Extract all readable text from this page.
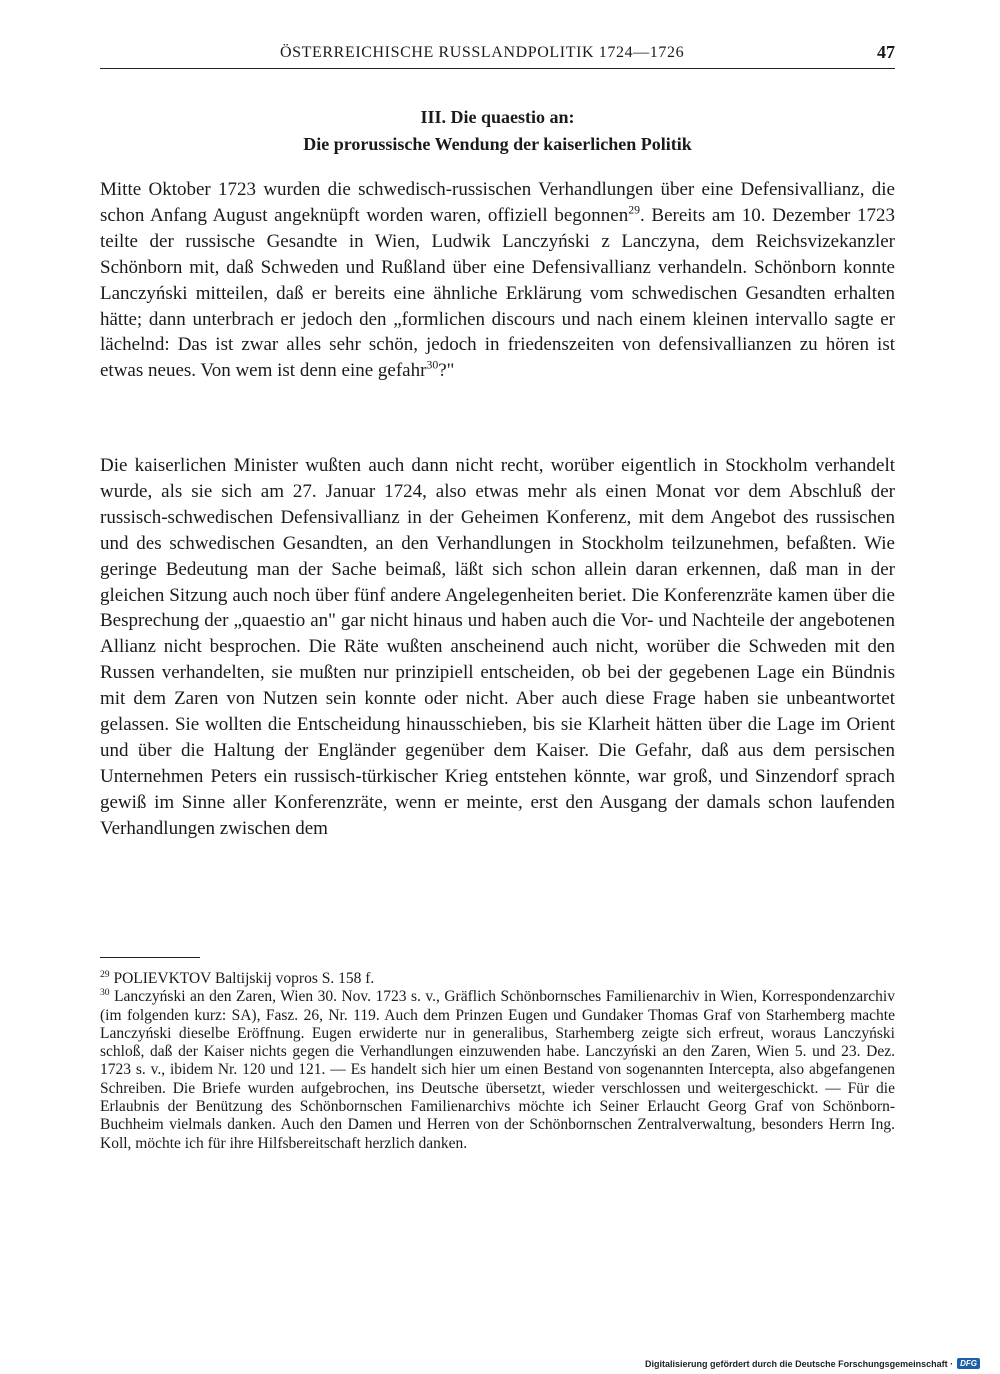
ÖSTERREICHISCHE RUSSLANDPOLITIK 1724—1726	47
III. Die quaestio an:
Die prorussische Wendung der kaiserlichen Politik

Mitte Oktober 1723 wurden die schwedisch-russischen Verhandlungen über eine Defensivallianz, die schon Anfang August angeknüpft worden waren, offiziell begonnen$^{29}$. Bereits am 10. Dezember 1723 teilte der russische Gesandte in Wien, Ludwik Lanczyński z Lanczyna, dem Reichsvizekanzler Schönborn mit, daß Schweden und Rußland über eine Defensivallianz verhandeln. Schönborn konnte Lanczyński mitteilen, daß er bereits eine ähnliche Erklärung vom schwedischen Gesandten erhalten hätte; dann unterbrach er jedoch den „formlichen discours und nach einem kleinen intervallo sagte er lächelnd: Das ist zwar alles sehr schön, jedoch in friedenszeiten von defensivallianzen zu hören ist etwas neues. Von wem ist denn eine gefahr$^{30}$?"

Die kaiserlichen Minister wußten auch dann nicht recht, worüber eigentlich in Stockholm verhandelt wurde, als sie sich am 27. Januar 1724, also etwas mehr als einen Monat vor dem Abschluß der russisch-schwedischen Defensivallianz in der Geheimen Konferenz, mit dem Angebot des russischen und des schwedischen Gesandten, an den Verhandlungen in Stockholm teilzunehmen, befaßten. Wie geringe Bedeutung man der Sache beimaß, läßt sich schon allein daran erkennen, daß man in der gleichen Sitzung auch noch über fünf andere Angelegenheiten beriet. Die Konferenzräte kamen über die Besprechung der „quaestio an" gar nicht hinaus und haben auch die Vor- und Nachteile der angebotenen Allianz nicht besprochen. Die Räte wußten anscheinend auch nicht, worüber die Schweden mit den Russen verhandelten, sie mußten nur prinzipiell entscheiden, ob bei der gegebenen Lage ein Bündnis mit dem Zaren von Nutzen sein konnte oder nicht. Aber auch diese Frage haben sie unbeantwortet gelassen. Sie wollten die Entscheidung hinausschieben, bis sie Klarheit hätten über die Lage im Orient und über die Haltung der Engländer gegenüber dem Kaiser. Die Gefahr, daß aus dem persischen Unternehmen Peters ein russisch-türkischer Krieg entstehen könnte, war groß, und Sinzendorf sprach gewiß im Sinne aller Konferenzräte, wenn er meinte, erst den Ausgang der damals schon laufenden Verhandlungen zwischen dem

$^{29}$ POLIEVKTOV Baltijskij vopros S. 158 f.
$^{30}$ Lanczyński an den Zaren, Wien 30. Nov. 1723 s. v., Gräflich Schönbornsches Familienarchiv in Wien, Korrespondenzarchiv (im folgenden kurz: SA), Fasz. 26, Nr. 119. Auch dem Prinzen Eugen und Gundaker Thomas Graf von Starhemberg machte Lanczyński dieselbe Eröffnung. Eugen erwiderte nur in generalibus, Starhemberg zeigte sich erfreut, woraus Lanczyński schloß, daß der Kaiser nichts gegen die Verhandlungen einzuwenden habe. Lanczyński an den Zaren, Wien 5. und 23. Dez. 1723 s. v., ibidem Nr. 120 und 121. — Es handelt sich hier um einen Bestand von sogenannten Intercepta, also abgefangenen Schreiben. Die Briefe wurden aufgebrochen, ins Deutsche übersetzt, wieder verschlossen und weitergeschickt. — Für die Erlaubnis der Benützung des Schönbornschen Familienarchivs möchte ich Seiner Erlaucht Georg Graf von Schönborn-Buchheim vielmals danken. Auch den Damen und Herren von der Schönbornschen Zentralverwaltung, besonders Herrn Ing. Koll, möchte ich für ihre Hilfsbereitschaft herzlich danken.
Digitalisierung gefördert durch die Deutsche Forschungsgemeinschaft · DFG
